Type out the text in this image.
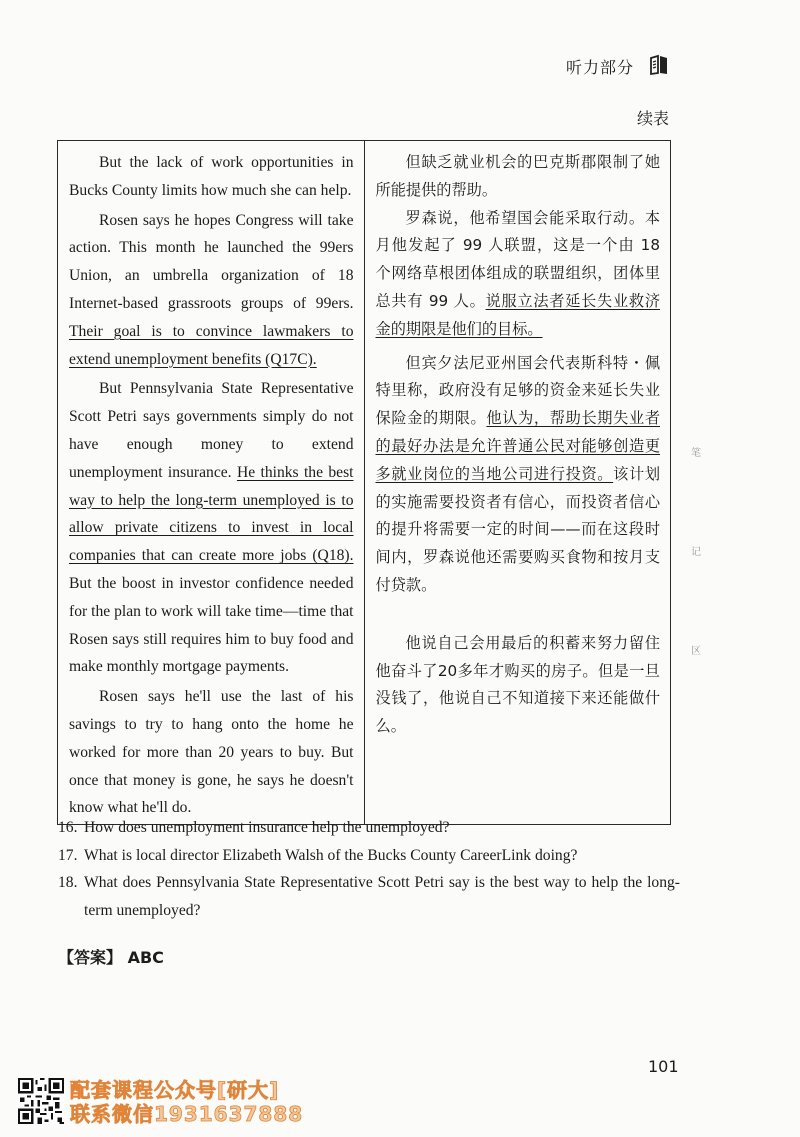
听力部分
续表
笔
记
区

But the lack of work opportunities in Bucks County limits how much she can help.

Rosen says he hopes Congress will take action. This month he launched the 99ers Union, an umbrella organization of 18 Internet-based grassroots groups of 99ers. Their goal is to convince lawmakers to extend unemployment benefits (Q17C).

But Pennsylvania State Representative Scott Petri says governments simply do not have enough money to extend unemployment insurance. He thinks the best way to help the long-term unemployed is to allow private citizens to invest in local companies that can create more jobs (Q18). But the boost in investor confidence needed for the plan to work will take time—time that Rosen says still requires him to buy food and make monthly mortgage payments.

Rosen says he'll use the last of his savings to try to hang onto the home he worked for more than 20 years to buy. But once that money is gone, he says he doesn't know what he'll do.

但缺乏就业机会的巴克斯郡限制了她所能提供的帮助。

罗森说，他希望国会能采取行动。本月他发起了 99 人联盟，这是一个由 18 个网络草根团体组成的联盟组织，团体里总共有 99 人。说服立法者延长失业救济金的期限是他们的目标。

但宾夕法尼亚州国会代表斯科特・佩特里称，政府没有足够的资金来延长失业保险金的期限。他认为，帮助长期失业者的最好办法是允许普通公民对能够创造更多就业岗位的当地公司进行投资。该计划的实施需要投资者有信心，而投资者信心的提升将需要一定的时间——而在这段时间内，罗森说他还需要购买食物和按月支付贷款。

他说自己会用最后的积蓄来努力留住他奋斗了20多年才购买的房子。但是一旦没钱了，他说自己不知道接下来还能做什么。

16. How does unemployment insurance help the unemployed?
17. What is local director Elizabeth Walsh of the Bucks County CareerLink doing?
18. What does Pennsylvania State Representative Scott Petri say is the best way to help the long-term unemployed?
【答案】 ABC
101
配套课程公众号[研大]
联系微信1931637888
